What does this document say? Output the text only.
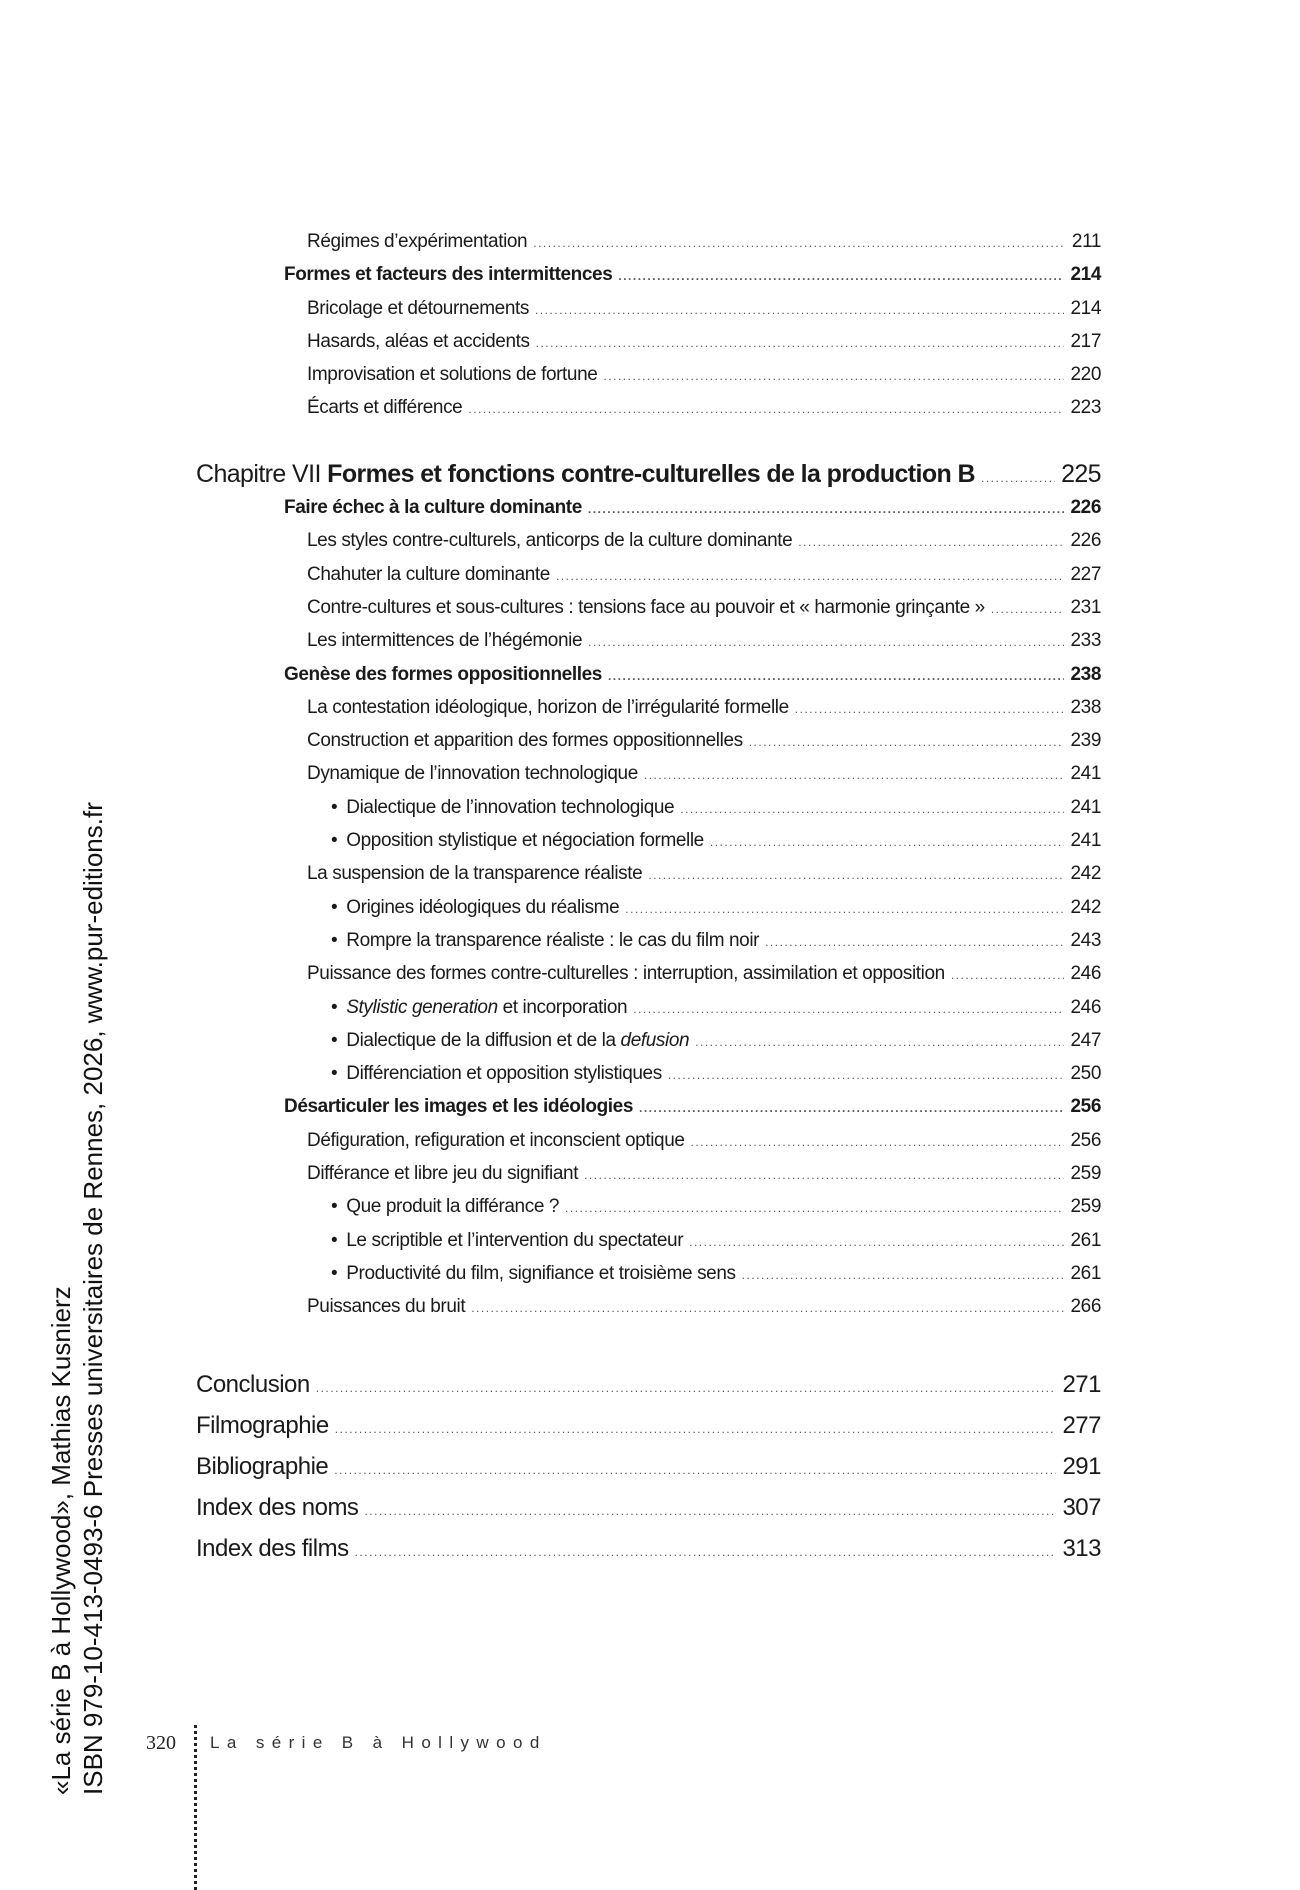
Régimes d’expérimentation .....	211
Formes et facteurs des intermittences .....	214
Bricolage et détournements .....	214
Hasards, aléas et accidents .....	217
Improvisation et solutions de fortune .....	220
Écarts et différence .....	223
Chapitre VII Formes et fonctions contre-culturelles de la production B .....	225
Faire échec à la culture dominante .....	226
Les styles contre-culturels, anticorps de la culture dominante .....	226
Chahuter la culture dominante .....	227
Contre-cultures et sous-cultures : tensions face au pouvoir et « harmonie grinçante » .....	231
Les intermittences de l’hégémonie .....	233
Genèse des formes oppositionnelles .....	238
La contestation idéologique, horizon de l’irrégularité formelle .....	238
Construction et apparition des formes oppositionnelles .....	239
Dynamique de l’innovation technologique .....	241
• Dialectique de l’innovation technologique .....	241
• Opposition stylistique et négociation formelle .....	241
La suspension de la transparence réaliste .....	242
• Origines idéologiques du réalisme .....	242
• Rompre la transparence réaliste : le cas du film noir .....	243
Puissance des formes contre-culturelles : interruption, assimilation et opposition .....	246
• Stylistic generation et incorporation .....	246
• Dialectique de la diffusion et de la defusion .....	247
• Différenciation et opposition stylistiques .....	250
Désarticuler les images et les idéologies .....	256
Défiguration, refiguration et inconscient optique .....	256
Différance et libre jeu du signifiant .....	259
• Que produit la différance ? .....	259
• Le scriptible et l’intervention du spectateur .....	261
• Productivité du film, signifiance et troisième sens .....	261
Puissances du bruit .....	266
Conclusion .....	271
Filmographie .....	277
Bibliographie .....	291
Index des noms .....	307
Index des films .....	313
320 La série B à Hollywood
«La série B à Hollywood», Mathias Kusnierz ISBN 979-10-413-0493-6 Presses universitaires de Rennes, 2026, www.pur-editions.fr
